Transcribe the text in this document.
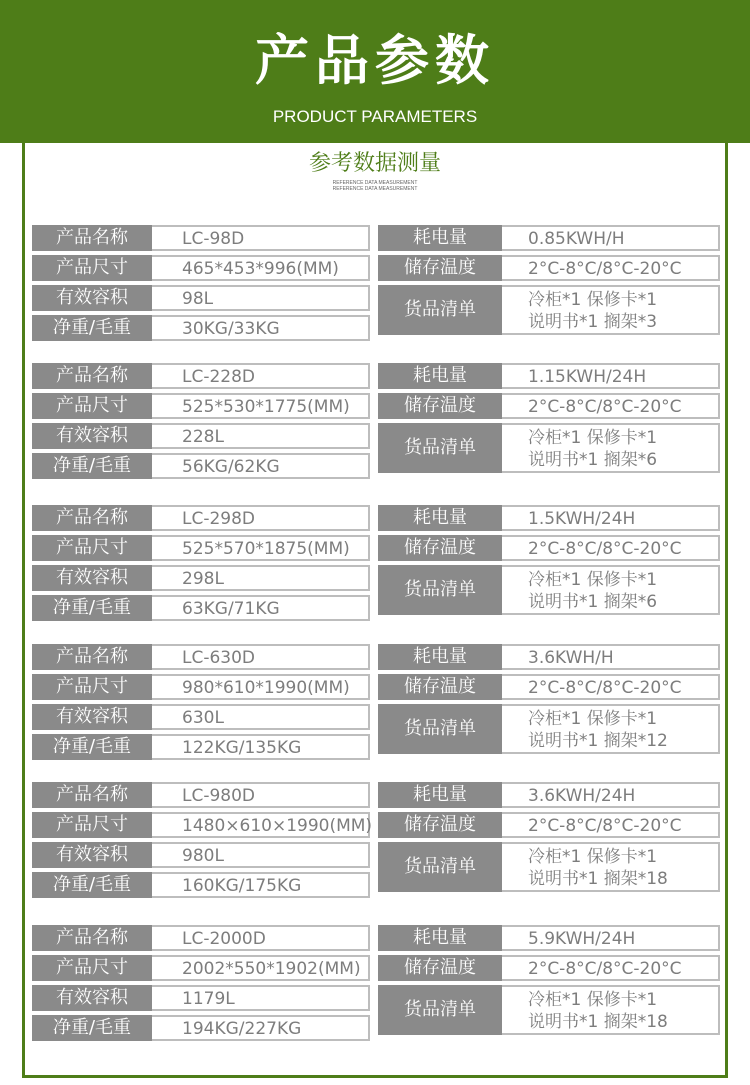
产品参数
PRODUCT PARAMETERS
参考数据测量
REFERENCE DATA MEASUREMENT
REFERENCE DATA MEASUREMENT
产品名称	LC-98D
产品尺寸	465*453*996(MM)
有效容积	98L
净重/毛重	30KG/33KG
耗电量	0.85KWH/H
储存温度	2°C-8°C/8°C-20°C
货品清单	冷柜*1 保修卡*1
说明书*1 搁架*3
产品名称	LC-228D
产品尺寸	525*530*1775(MM)
有效容积	228L
净重/毛重	56KG/62KG
耗电量	1.15KWH/24H
储存温度	2°C-8°C/8°C-20°C
货品清单	冷柜*1 保修卡*1
说明书*1 搁架*6
产品名称	LC-298D
产品尺寸	525*570*1875(MM)
有效容积	298L
净重/毛重	63KG/71KG
耗电量	1.5KWH/24H
储存温度	2°C-8°C/8°C-20°C
货品清单	冷柜*1 保修卡*1
说明书*1 搁架*6
产品名称	LC-630D
产品尺寸	980*610*1990(MM)
有效容积	630L
净重/毛重	122KG/135KG
耗电量	3.6KWH/H
储存温度	2°C-8°C/8°C-20°C
货品清单	冷柜*1 保修卡*1
说明书*1 搁架*12
产品名称	LC-980D
产品尺寸	1480×610×1990(MM)
有效容积	980L
净重/毛重	160KG/175KG
耗电量	3.6KWH/24H
储存温度	2°C-8°C/8°C-20°C
货品清单	冷柜*1 保修卡*1
说明书*1 搁架*18
产品名称	LC-2000D
产品尺寸	2002*550*1902(MM)
有效容积	1179L
净重/毛重	194KG/227KG
耗电量	5.9KWH/24H
储存温度	2°C-8°C/8°C-20°C
货品清单	冷柜*1 保修卡*1
说明书*1 搁架*18
